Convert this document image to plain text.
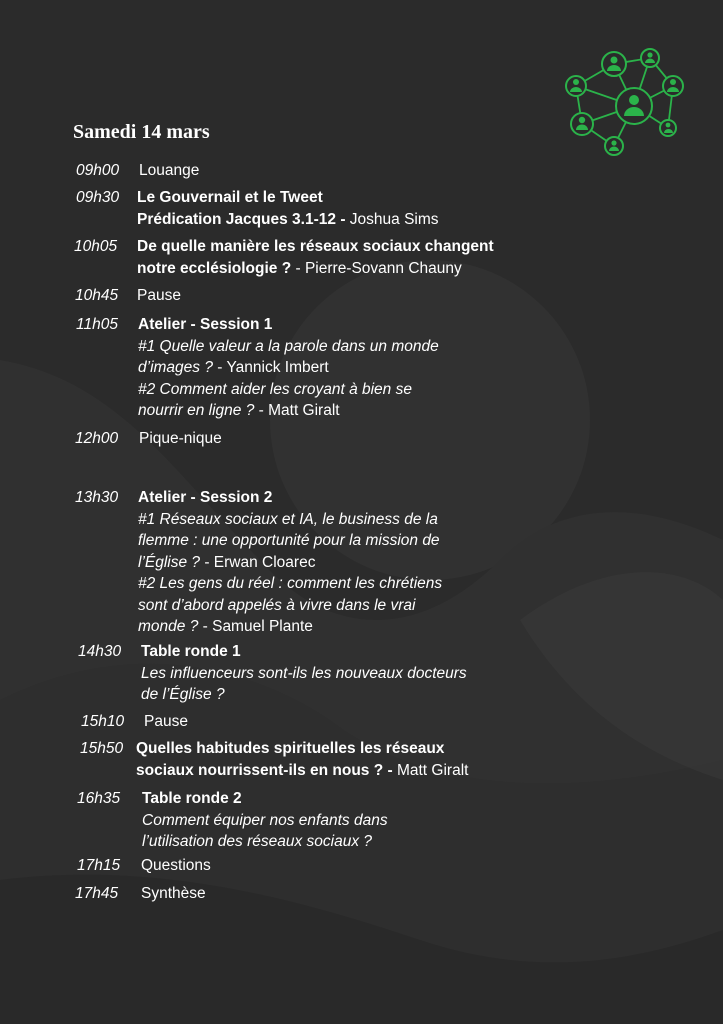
Samedi 14 mars
09h00 Louange
09h30 Le Gouvernail et le Tweet
Prédication Jacques 3.1-12 - Joshua Sims
10h05 De quelle manière les réseaux sociaux changent
notre ecclésiologie ? - Pierre-Sovann Chauny
10h45 Pause
11h05 Atelier - Session 1
#1 Quelle valeur a la parole dans un monde
d’images ? - Yannick Imbert
#2 Comment aider les croyant à bien se
nourrir en ligne ? - Matt Giralt
12h00 Pique-nique
13h30 Atelier - Session 2
#1 Réseaux sociaux et IA, le business de la
flemme : une opportunité pour la mission de
l’Église ? - Erwan Cloarec
#2 Les gens du réel : comment les chrétiens
sont d’abord appelés à vivre dans le vrai
monde ? - Samuel Plante
14h30 Table ronde 1
Les influenceurs sont-ils les nouveaux docteurs
de l’Église ?
15h10 Pause
15h50 Quelles habitudes spirituelles les réseaux
sociaux nourrissent-ils en nous ? - Matt Giralt
16h35 Table ronde 2
Comment équiper nos enfants dans
l’utilisation des réseaux sociaux ?
17h15 Questions
17h45 Synthèse
